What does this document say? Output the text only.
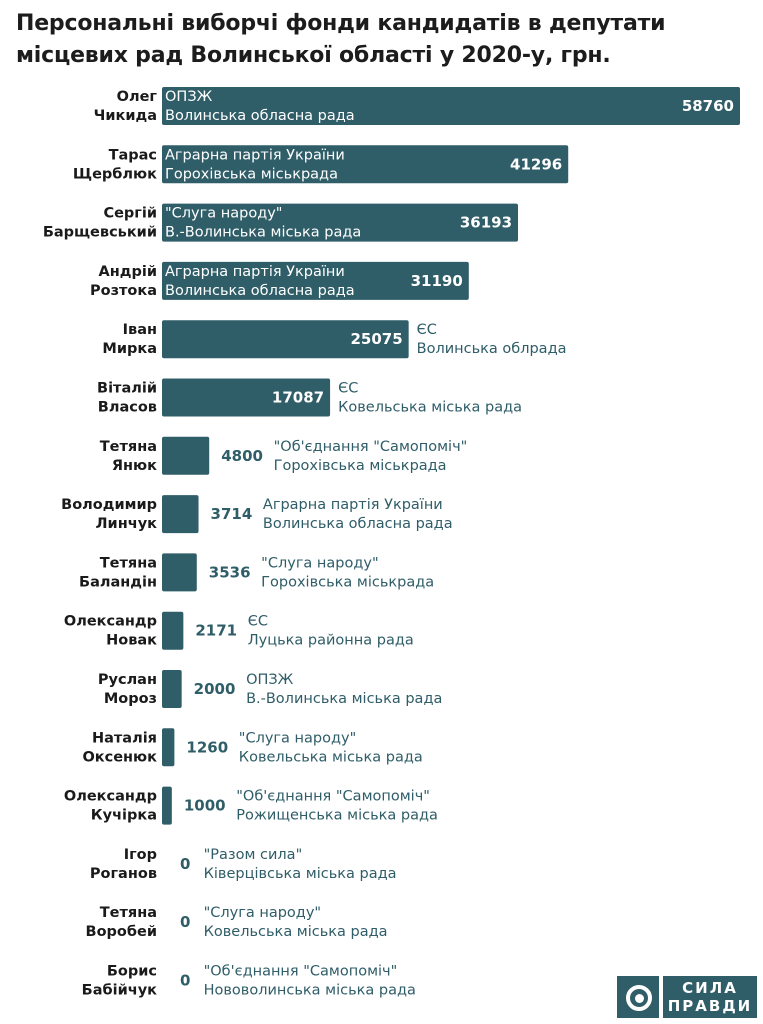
Персональні виборчі фонди кандидатів в депутати
місцевих рад Волинської області у 2020-у, грн.
Олег
Чикида
58760
ОПЗЖ
Волинська обласна рада
Тарас
Щерблюк
41296
Аграрна партія України
Горохівська міськрада
Сергій
Барщевський
36193
"Слуга народу"
В.-Волинська міська рада
Андрій
Розтока
31190
Аграрна партія України
Волинська обласна рада
Іван
Мирка
25075 ЄС
Волинська облрада
Віталій
Власов
17087 ЄС
Ковельська міська рада
Тетяна
Янюк
4800 "Об'єднання "Самопоміч"
Горохівська міськрада
Володимир
Линчук
3714 Аграрна партія України
Волинська обласна рада
Тетяна
Баландін
3536 "Слуга народу"
Горохівська міськрада
Олександр
Новак
2171 ЄС
Луцька районна рада
Руслан
Мороз
2000 ОПЗЖ
В.-Волинська міська рада
Наталія
Оксенюк
1260 "Слуга народу"
Ковельська міська рада
Олександр
Кучірка
1000 "Об'єднання "Самопоміч"
Рожищенська міська рада
Ігор
Роганов
0 "Разом сила"
Ківерцівська міська рада
Тетяна
Воробей
0 "Слуга народу"
Ковельська міська рада
Борис
Бабійчук
0 "Об'єднання "Самопоміч"
Нововолинська міська рада	СИЛА
ПРАВДИ
